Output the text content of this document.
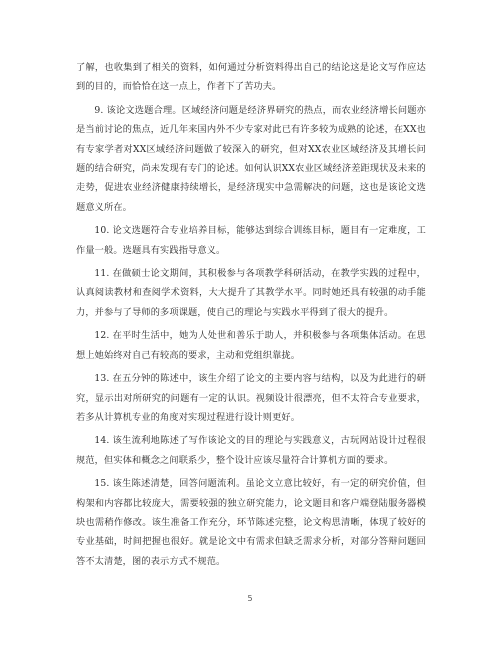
了解，也收集到了相关的资料，如何通过分析资料得出自己的结论这是论文写作应达到的目的，而恰恰在这一点上，作者下了苦功夫。

9. 该论文选题合理。区域经济问题是经济界研究的热点，而农业经济增长问题亦是当前讨论的焦点，近几年来国内外不少专家对此已有许多较为成熟的论述，在XX也有专家学者对XX区域经济问题做了较深入的研究，但对XX农业区域经济及其增长问题的结合研究，尚未发现有专门的论述。如何认识XX农业区域经济差距现状及未来的走势，促进农业经济健康持续增长，是经济现实中急需解决的问题，这也是该论文选题意义所在。

10. 论文选题符合专业培养目标，能够达到综合训练目标，题目有一定难度，工作量一般。选题具有实践指导意义。

11. 在做硕士论文期间，其积极参与各项教学科研活动，在教学实践的过程中，认真阅读教材和查阅学术资料，大大提升了其教学水平。同时她还具有较强的动手能力，并参与了导师的多项课题，使自己的理论与实践水平得到了很大的提升。

12. 在平时生活中，她为人处世和善乐于助人，并积极参与各项集体活动。在思想上她始终对自己有较高的要求，主动和党组织靠拢。

13. 在五分钟的陈述中，该生介绍了论文的主要内容与结构，以及为此进行的研究，显示出对所研究的问题有一定的认识。视频设计很漂亮，但不太符合专业要求，若多从计算机专业的角度对实现过程进行设计则更好。

14. 该生流利地陈述了写作该论文的目的理论与实践意义，古玩网站设计过程很规范，但实体和概念之间联系少，整个设计应该尽量符合计算机方面的要求。

15. 该生陈述清楚，回答问题流利。虽论文立意比较好，有一定的研究价值，但构架和内容都比较庞大，需要较强的独立研究能力，论文题目和客户端登陆服务器模块也需稍作修改。该生准备工作充分，环节陈述完整，论文构思清晰，体现了较好的专业基础，时间把握也很好。就是论文中有需求但缺乏需求分析，对部分答辩问题回答不太清楚，图的表示方式不规范。

5
